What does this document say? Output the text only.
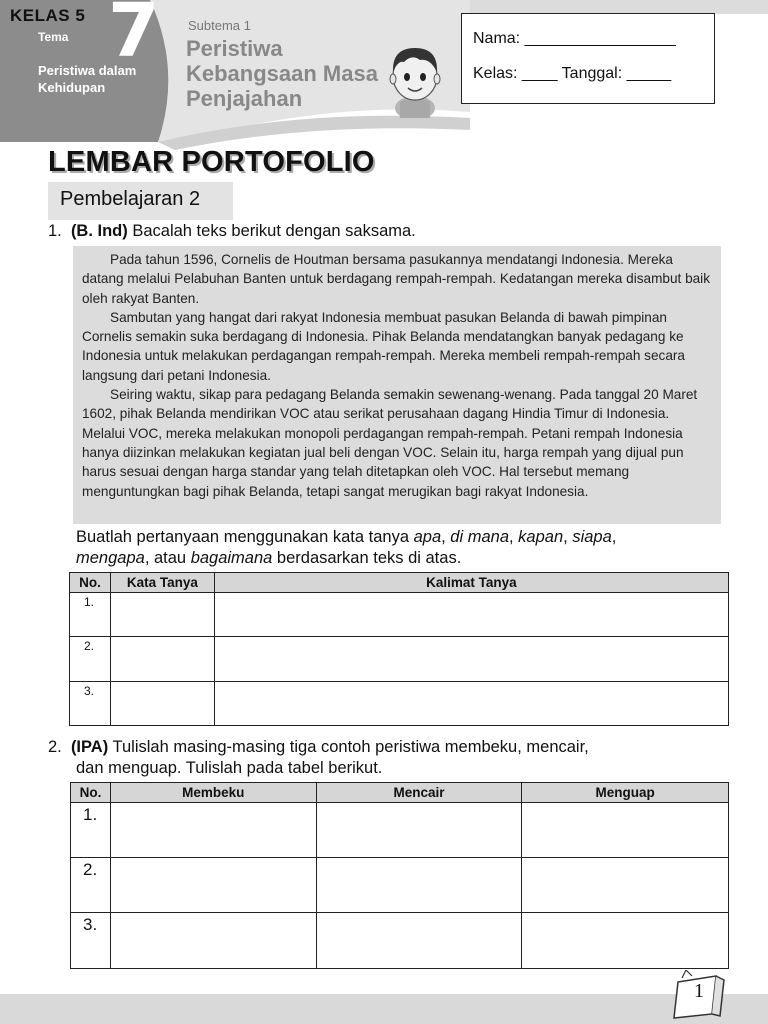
KELAS 5
Tema 7
Peristiwa dalam Kehidupan
Subtema 1
Peristiwa Kebangsaan Masa Penjajahan
Nama: _________________
Kelas: ____ Tanggal: _____
LEMBAR PORTOFOLIO
Pembelajaran 2
1. (B. Ind) Bacalah teks berikut dengan saksama.

Pada tahun 1596, Cornelis de Houtman bersama pasukannya mendatangi Indonesia. Mereka datang melalui Pelabuhan Banten untuk berdagang rempah-rempah. Kedatangan mereka disambut baik oleh rakyat Banten.

Sambutan yang hangat dari rakyat Indonesia membuat pasukan Belanda di bawah pimpinan Cornelis semakin suka berdagang di Indonesia. Pihak Belanda mendatangkan banyak pedagang ke Indonesia untuk melakukan perdagangan rempah-rempah. Mereka membeli rempah-rempah secara langsung dari petani Indonesia.

Seiring waktu, sikap para pedagang Belanda semakin sewenang-wenang. Pada tanggal 20 Maret 1602, pihak Belanda mendirikan VOC atau serikat perusahaan dagang Hindia Timur di Indonesia. Melalui VOC, mereka melakukan monopoli perdagangan rempah-rempah. Petani rempah Indonesia hanya diizinkan melakukan kegiatan jual beli dengan VOC. Selain itu, harga rempah yang dijual pun harus sesuai dengan harga standar yang telah ditetapkan oleh VOC. Hal tersebut memang menguntungkan bagi pihak Belanda, tetapi sangat merugikan bagi rakyat Indonesia.

Buatlah pertanyaan menggunakan kata tanya apa, di mana, kapan, siapa,
mengapa, atau bagaimana berdasarkan teks di atas.
No.	Kata Tanya	Kalimat Tanya
1.		
2.		
3.		
2. (IPA) Tulislah masing-masing tiga contoh peristiwa membeku, mencair,
dan menguap. Tulislah pada tabel berikut.
No.	Membeku	Mencair	Menguap
1.			
2.			
3.			
1
